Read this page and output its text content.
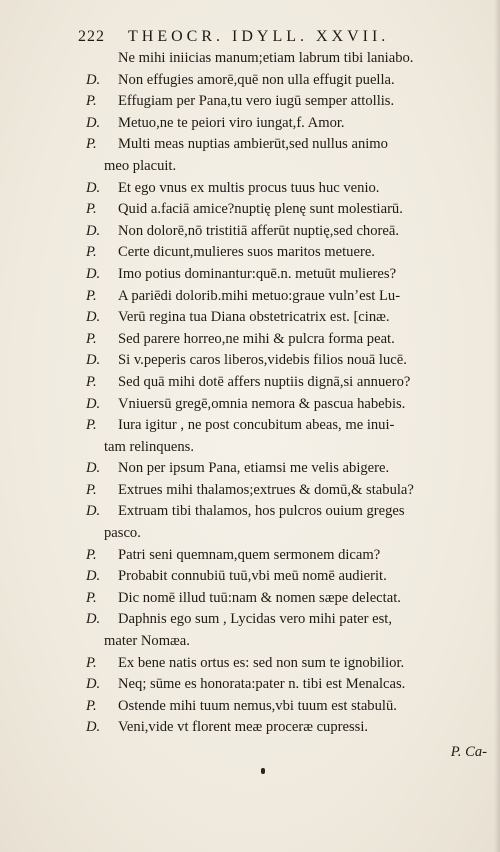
222 THEOCR. IDYLL. XXVII.
Ne mihi iniicias manum;etiam labrum tibi laniabo.
D. Non effugies amorē,quē non ulla effugit puella.
P. Effugiam per Pana,tu vero iugū semper attollis.
D. Metuo,ne te peiori viro iungat,f. Amor.
P. Multi meas nuptias ambierūt,sed nullus animo
meo placuit.
D. Et ego vnus ex multis procus tuus huc venio.
P. Quid a.faciā amice?nuptię plenę sunt molestiarū.
D. Non dolorē,nō tristitiā afferūt nuptię,sed choreā.
P. Certe dicunt,mulieres suos maritos metuere.
D. Imo potius dominantur:quē.n. metuūt mulieres?
P. A pariēdi dolorib.mihi metuo:graue vulnʼest Lu-
D. Verū regina tua Diana obstetricatrix est. [cinæ.
P. Sed parere horreo,ne mihi & pulcra forma peat.
D. Si v.peperis caros liberos,videbis filios nouā lucē.
P. Sed quā mihi dotē affers nuptiis dignā,si annuero?
D. Vniuersū gregē,omnia nemora & pascua habebis.
P. Iura igitur , ne post concubitum abeas, me inui-
tam relinquens.
D. Non per ipsum Pana, etiamsi me velis abigere.
P. Extrues mihi thalamos;extrues & domū,& stabula?
D. Extruam tibi thalamos, hos pulcros ouium greges
pasco.
P. Patri seni quemnam,quem sermonem dicam?
D. Probabit connubiū tuū,vbi meū nomē audierit.
P. Dic nomē illud tuū:nam & nomen sæpe delectat.
D. Daphnis ego sum , Lycidas vero mihi pater est,
mater Nomæa.
P. Ex bene natis ortus es: sed non sum te ignobilior.
D. Neq; sūme es honorata:pater n. tibi est Menalcas.
P. Ostende mihi tuum nemus,vbi tuum est stabulū.
D. Veni,vide vt florent meæ proceræ cupressi.
P. Ca-
